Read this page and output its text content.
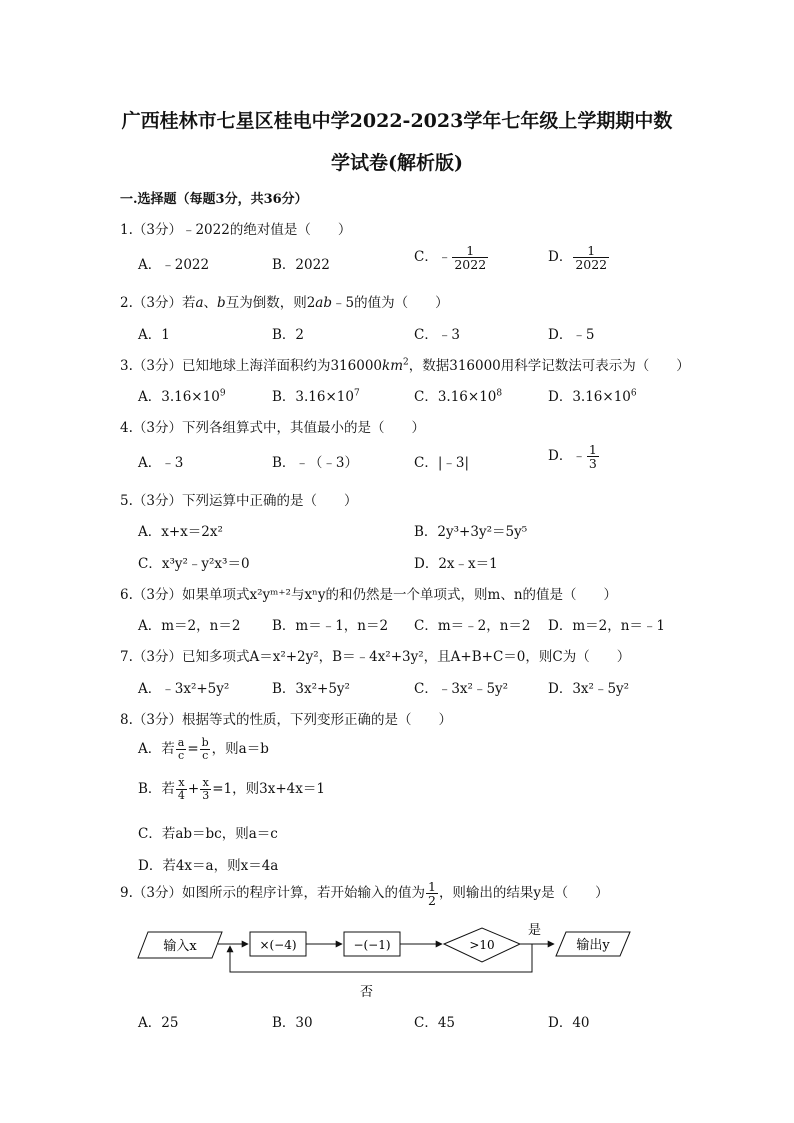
广西桂林市七星区桂电中学2022-2023学年七年级上学期期中数
学试卷(解析版)
一.选择题（每题3分，共36分）
1.（3分）﹣2022的绝对值是（　　）
A．﹣2022	B．2022	C．﹣ $\frac{1}{2022}$	D． $\frac{1}{2022}$
2.（3分）若a、b互为倒数，则2ab﹣5的值为（　　）
A．1	B．2	C．﹣3	D．﹣5
3.（3分）已知地球上海洋面积约为$316000km^2$，数据316000用科学记数法可表示为（　　）
A．$3.16\times 10^9$	B．$3.16\times 10^7$	C．$3.16\times 10^8$	D．$3.16\times 10^6$
4.（3分）下列各组算式中，其值最小的是（　　）
A．﹣3	B．﹣（﹣3）	C．|﹣3|	D．﹣ $\frac{1}{3}$
5.（3分）下列运算中正确的是（　　）
A．x+x＝2x²	B．2y³+3y²＝5y⁵
C．x³y²﹣y²x³＝0	D．2x﹣x＝1
6.（3分）如果单项式x²yᵐ⁺²与xⁿy的和仍然是一个单项式，则m、n的值是（　　）
A．m＝2，n＝2 B．m＝﹣1，n＝2 C．m＝﹣2，n＝2 D．m＝2，n＝﹣1
7.（3分）已知多项式A＝x²+2y²，B＝﹣4x²+3y²，且A+B+C＝0，则C为（　　）
A．﹣3x²+5y²	B．3x²+5y²	C．﹣3x²﹣5y²	D．3x²﹣5y²
8.（3分）根据等式的性质，下列变形正确的是（　　）
A．若 $\frac{a}{c} = \frac{b}{c}$ ，则a＝b
B．若 $\frac{x}{4} + \frac{x}{3} =1$，则3x+4x＝1
C．若ab＝bc，则a＝c
D．若4x＝a，则x＝4a
9.（3分）如图所示的程序计算，若开始输入的值为 $\frac{1}{2}$ ，则输出的结果y是（　　）
输入x	×(−4)	−(−1)	>10
是
输出y
否
A．25	B．30	C．45	D．40
